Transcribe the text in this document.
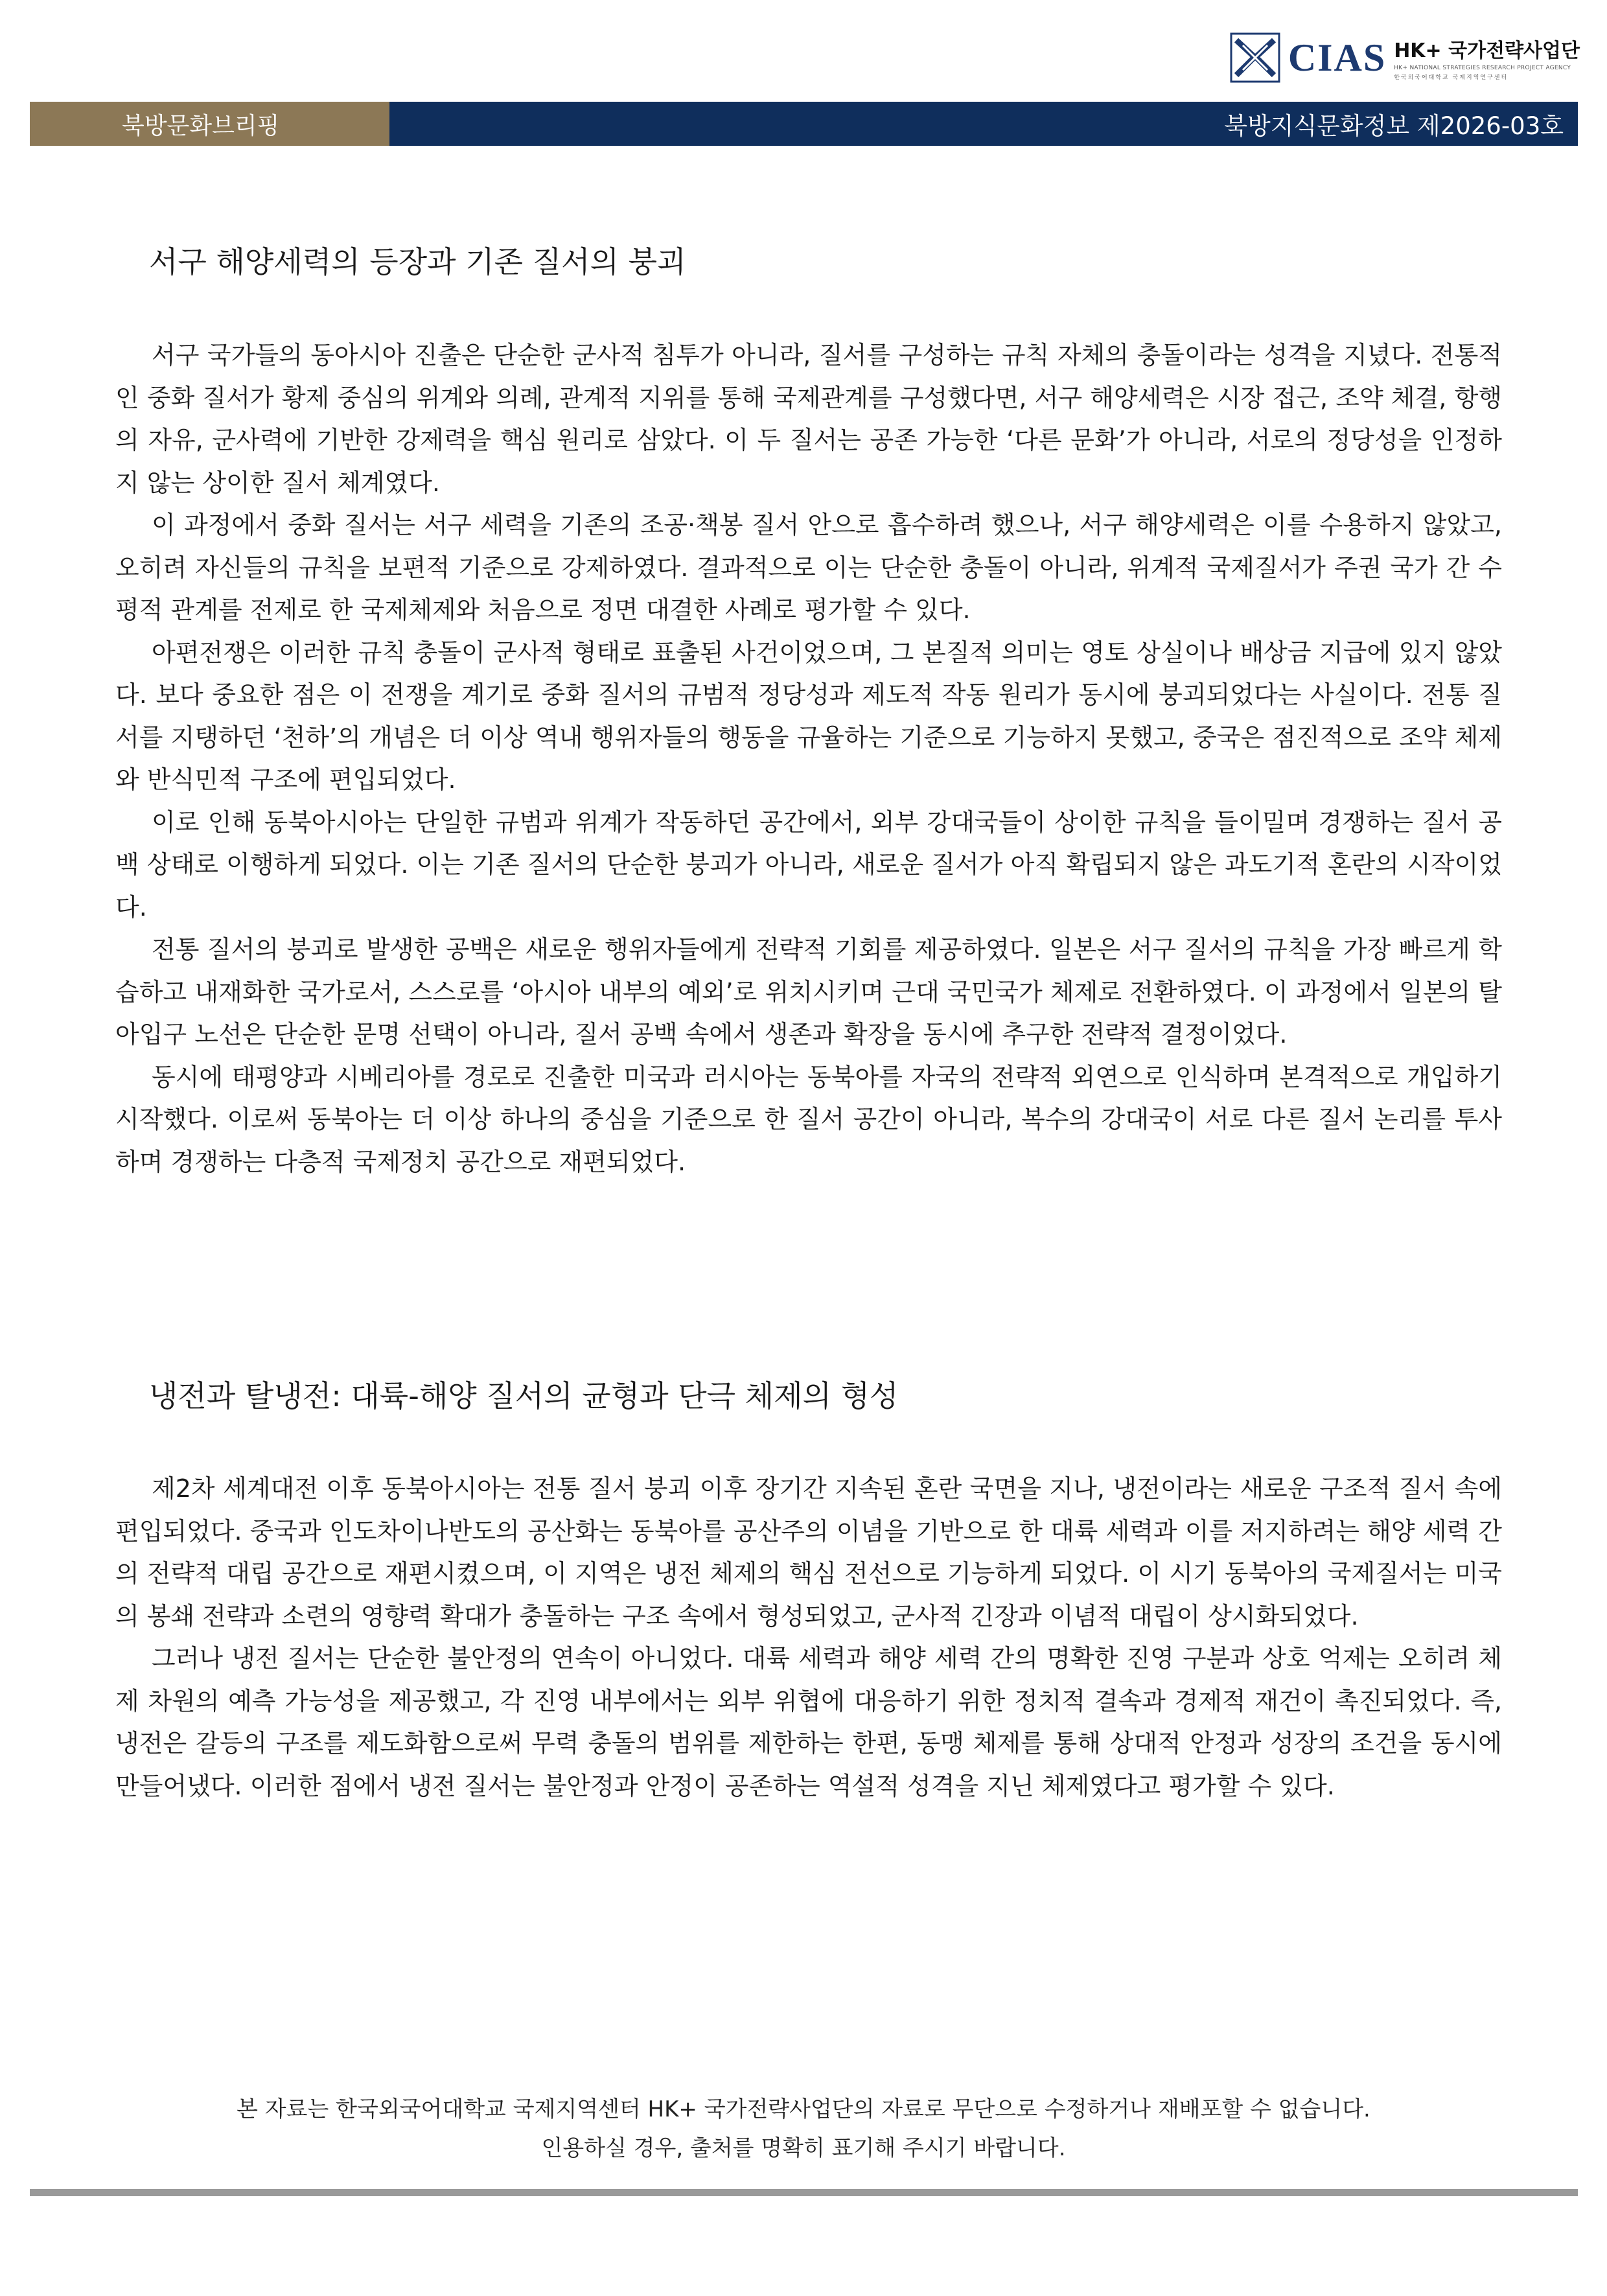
CIAS HK+ 국가전략사업단
HK+ NATIONAL STRATEGIES RESEARCH PROJECT AGENCY
한국외국어대학교 국제지역연구센터
북방문화브리핑	북방지식문화정보 제2026-03호
서구 해양세력의 등장과 기존 질서의 붕괴

서구 국가들의 동아시아 진출은 단순한 군사적 침투가 아니라, 질서를 구성하는 규칙 자체의 충돌이라는 성격을 지녔다. 전통적인 중화 질서가 황제 중심의 위계와 의례, 관계적 지위를 통해 국제관계를 구성했다면, 서구 해양세력은 시장 접근, 조약 체결, 항행의 자유, 군사력에 기반한 강제력을 핵심 원리로 삼았다. 이 두 질서는 공존 가능한 ‘다른 문화’가 아니라, 서로의 정당성을 인정하지 않는 상이한 질서 체계였다.

이 과정에서 중화 질서는 서구 세력을 기존의 조공·책봉 질서 안으로 흡수하려 했으나, 서구 해양세력은 이를 수용하지 않았고, 오히려 자신들의 규칙을 보편적 기준으로 강제하였다. 결과적으로 이는 단순한 충돌이 아니라, 위계적 국제질서가 주권 국가 간 수평적 관계를 전제로 한 국제체제와 처음으로 정면 대결한 사례로 평가할 수 있다.

아편전쟁은 이러한 규칙 충돌이 군사적 형태로 표출된 사건이었으며, 그 본질적 의미는 영토 상실이나 배상금 지급에 있지 않았다. 보다 중요한 점은 이 전쟁을 계기로 중화 질서의 규범적 정당성과 제도적 작동 원리가 동시에 붕괴되었다는 사실이다. 전통 질서를 지탱하던 ‘천하’의 개념은 더 이상 역내 행위자들의 행동을 규율하는 기준으로 기능하지 못했고, 중국은 점진적으로 조약 체제와 반식민적 구조에 편입되었다.

이로 인해 동북아시아는 단일한 규범과 위계가 작동하던 공간에서, 외부 강대국들이 상이한 규칙을 들이밀며 경쟁하는 질서 공백 상태로 이행하게 되었다. 이는 기존 질서의 단순한 붕괴가 아니라, 새로운 질서가 아직 확립되지 않은 과도기적 혼란의 시작이었다.

전통 질서의 붕괴로 발생한 공백은 새로운 행위자들에게 전략적 기회를 제공하였다. 일본은 서구 질서의 규칙을 가장 빠르게 학습하고 내재화한 국가로서, 스스로를 ‘아시아 내부의 예외’로 위치시키며 근대 국민국가 체제로 전환하였다. 이 과정에서 일본의 탈아입구 노선은 단순한 문명 선택이 아니라, 질서 공백 속에서 생존과 확장을 동시에 추구한 전략적 결정이었다.

동시에 태평양과 시베리아를 경로로 진출한 미국과 러시아는 동북아를 자국의 전략적 외연으로 인식하며 본격적으로 개입하기 시작했다. 이로써 동북아는 더 이상 하나의 중심을 기준으로 한 질서 공간이 아니라, 복수의 강대국이 서로 다른 질서 논리를 투사하며 경쟁하는 다층적 국제정치 공간으로 재편되었다.

냉전과 탈냉전: 대륙-해양 질서의 균형과 단극 체제의 형성

제2차 세계대전 이후 동북아시아는 전통 질서 붕괴 이후 장기간 지속된 혼란 국면을 지나, 냉전이라는 새로운 구조적 질서 속에 편입되었다. 중국과 인도차이나반도의 공산화는 동북아를 공산주의 이념을 기반으로 한 대륙 세력과 이를 저지하려는 해양 세력 간의 전략적 대립 공간으로 재편시켰으며, 이 지역은 냉전 체제의 핵심 전선으로 기능하게 되었다. 이 시기 동북아의 국제질서는 미국의 봉쇄 전략과 소련의 영향력 확대가 충돌하는 구조 속에서 형성되었고, 군사적 긴장과 이념적 대립이 상시화되었다.

그러나 냉전 질서는 단순한 불안정의 연속이 아니었다. 대륙 세력과 해양 세력 간의 명확한 진영 구분과 상호 억제는 오히려 체제 차원의 예측 가능성을 제공했고, 각 진영 내부에서는 외부 위협에 대응하기 위한 정치적 결속과 경제적 재건이 촉진되었다. 즉, 냉전은 갈등의 구조를 제도화함으로써 무력 충돌의 범위를 제한하는 한편, 동맹 체제를 통해 상대적 안정과 성장의 조건을 동시에 만들어냈다. 이러한 점에서 냉전 질서는 불안정과 안정이 공존하는 역설적 성격을 지닌 체제였다고 평가할 수 있다.

본 자료는 한국외국어대학교 국제지역센터 HK+ 국가전략사업단의 자료로 무단으로 수정하거나 재배포할 수 없습니다.
인용하실 경우, 출처를 명확히 표기해 주시기 바랍니다.
